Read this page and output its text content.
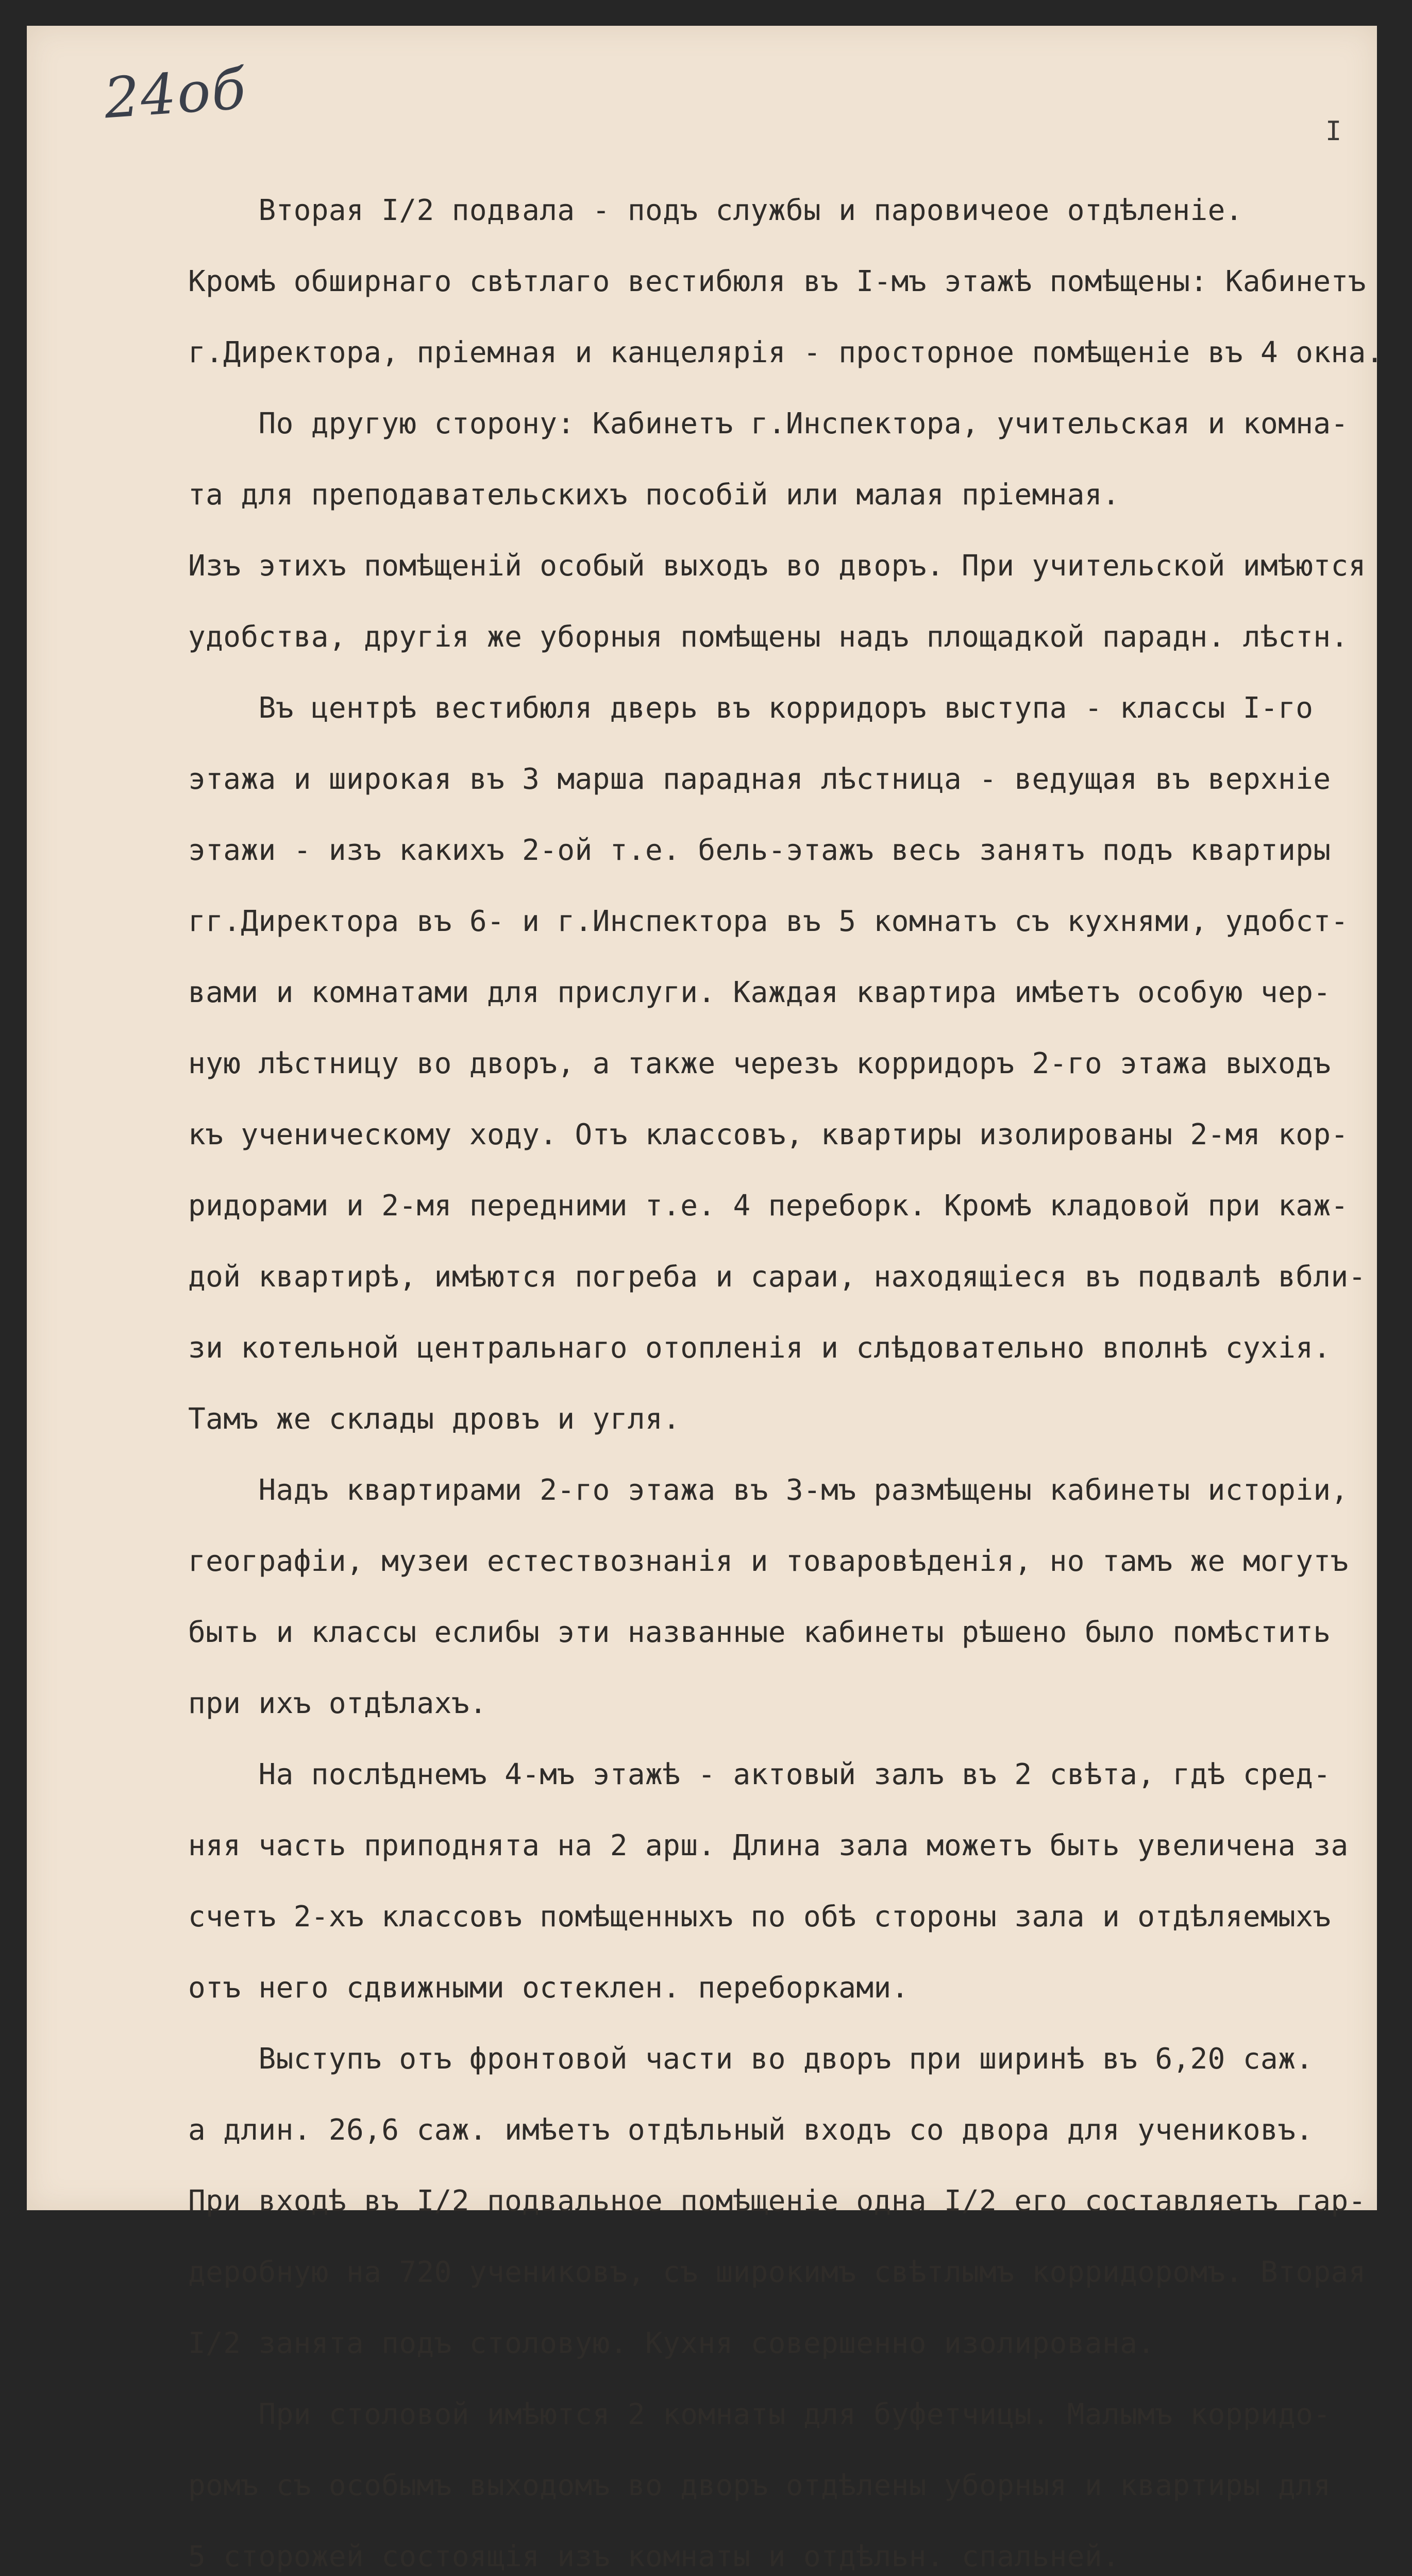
24об
I
Вторая I/2 подвала - подъ службы и паровичеое отдѣленіе.
Кромѣ обширнаго свѣтлаго вестибюля въ I-мъ этажѣ помѣщены: Кабинетъ
г.Директора, пріемная и канцелярія - просторное помѣщеніе въ 4 окна.
По другую сторону: Кабинетъ г.Инспектора, учительская и комна-
та для преподавательскихъ пособій или малая пріемная.
Изъ этихъ помѣщеній особый выходъ во дворъ. При учительской имѣются
удобства, другія же уборныя помѣщены надъ площадкой парадн. лѣстн.
Въ центрѣ вестибюля дверь въ корридоръ выступа - классы I-го
этажа и широкая въ 3 марша парадная лѣстница - ведущая въ верхніе
этажи - изъ какихъ 2-ой т.е. бель-этажъ весь занятъ подъ квартиры
гг.Директора въ 6- и г.Инспектора въ 5 комнатъ съ кухнями, удобст-
вами и комнатами для прислуги. Каждая квартира имѣетъ особую чер-
ную лѣстницу во дворъ, а также черезъ корридоръ 2-го этажа выходъ
къ ученическому ходу. Отъ классовъ, квартиры изолированы 2-мя кор-
ридорами и 2-мя передними т.е. 4 переборк. Кромѣ кладовой при каж-
дой квартирѣ, имѣются погреба и сараи, находящіеся въ подвалѣ вбли-
зи котельной центральнаго отопленія и слѣдовательно вполнѣ сухія.
Тамъ же склады дровъ и угля.
Надъ квартирами 2-го этажа въ 3-мъ размѣщены кабинеты исторіи,
географіи, музеи естествознанія и товаровѣденія, но тамъ же могутъ
быть и классы еслибы эти названные кабинеты рѣшено было помѣстить
при ихъ отдѣлахъ.
На послѣднемъ 4-мъ этажѣ - актовый залъ въ 2 свѣта, гдѣ сред-
няя часть приподнята на 2 арш. Длина зала можетъ быть увеличена за
счетъ 2-хъ классовъ помѣщенныхъ по обѣ стороны зала и отдѣляемыхъ
отъ него сдвижными остеклен. переборками.
Выступъ отъ фронтовой части во дворъ при ширинѣ въ 6,20 саж.
а длин. 26,6 саж. имѣетъ отдѣльный входъ со двора для учениковъ.
При входѣ въ I/2 подвальное помѣщеніе одна I/2 его составляетъ гар-
деробную на 720 учениковъ, съ широкимъ свѣтлымъ корридоромъ. Вторая
I/2 занята подъ столовую. Кухня совершенно изолирована.
При столовой имѣются 2 комнаты для буфетчицы. Малымъ корридо-
ромъ съ особымъ выходомъ во дворъ отдѣлены уборныя и квартиры для
5 сторожей состоящія изъ комнаты и отдѣльн. спальней.
